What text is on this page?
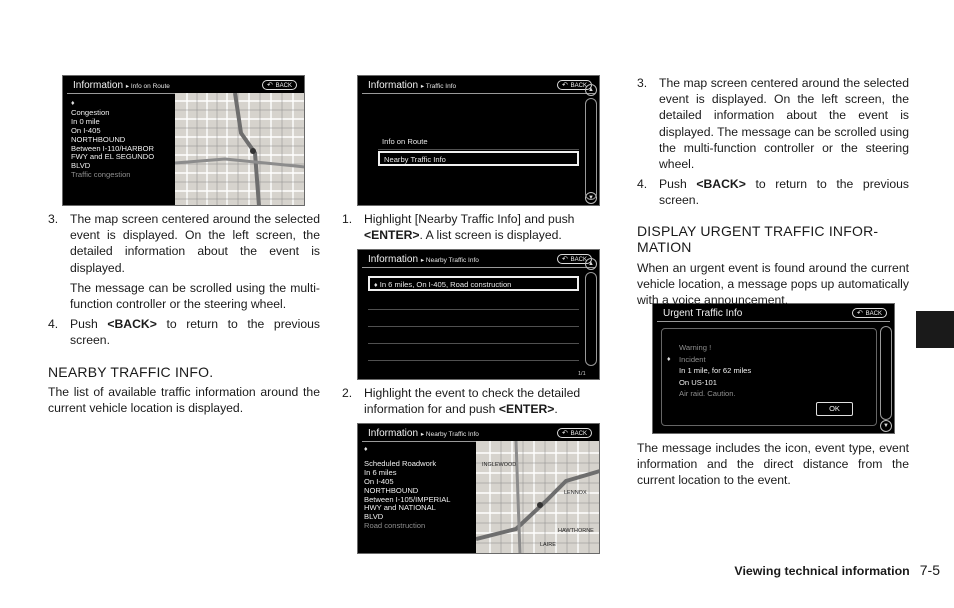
Information ▸ Info on Route	↶ BACK
♦
Congestion
In 0 mile
On I-405
NORTHBOUND
Between I-110/HARBOR
FWY and EL SEGUNDO
BLVD
Traffic congestion
Information ▸ Traffic Info	↶ BACK
Info on Route
Nearby Traffic Info
▲
▼
Information ▸ Nearby Traffic Info	↶ BACK
♦ In 6 miles, On I-405, Road construction
1/1
▲
Information ▸ Nearby Traffic Info	↶ BACK
LENNOX
HAWTHORNE
INGLEWOOD
LAIRE
♦
Scheduled Roadwork
In 6 miles
On I-405
NORTHBOUND
Between I-105/IMPERIAL
HWY and NATIONAL
BLVD
Road construction
Urgent Traffic Info	↶ BACK
Warning !
♦ Incident
In 1 mile, for 62 miles
On US-101
Air raid. Caution.
OK
▼
3. The map screen centered around the selected event is displayed. On the left screen, the detailed information about the event is displayed.

The message can be scrolled using the multi-function controller or the steering wheel.

4. Push <BACK> to return to the previous screen.

NEARBY TRAFFIC INFO.

The list of available traffic information around the current vehicle location is displayed.

1. Highlight [Nearby Traffic Info] and push <ENTER>. A list screen is displayed.

2. Highlight the event to check the detailed information for and push <ENTER>.

3. The map screen centered around the selected event is displayed. On the left screen, the detailed information about the event is displayed. The message can be scrolled using the multi-function controller or the steering wheel.

4. Push <BACK> to return to the previous screen.

DISPLAY URGENT TRAFFIC INFOR-MATION

When an urgent event is found around the current vehicle location, a message pops up automatically with a voice announcement.

The message includes the icon, event type, event information and the direct distance from the current location to the event.

Viewing technical information 7-5
